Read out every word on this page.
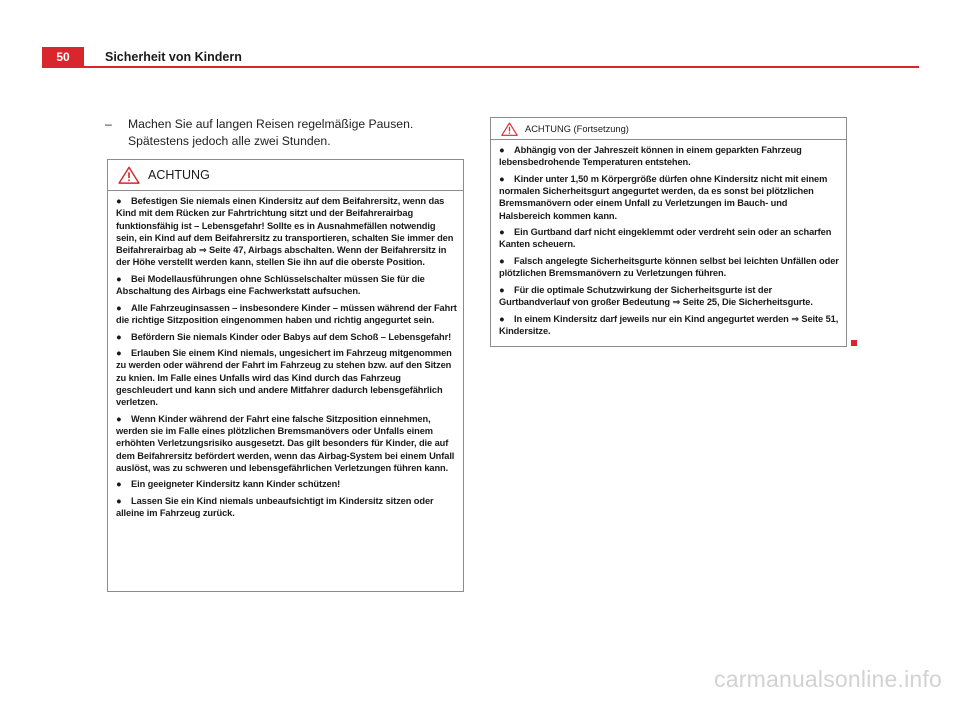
50	Sicherheit von Kindern
–	Machen Sie auf langen Reisen regelmäßige Pausen. Spätestens jedoch alle zwei Stunden.
ACHTUNG

● Befestigen Sie niemals einen Kindersitz auf dem Beifahrersitz, wenn das Kind mit dem Rücken zur Fahrtrichtung sitzt und der Beifahrerairbag funktionsfähig ist – Lebensgefahr! Sollte es in Ausnahmefällen notwendig sein, ein Kind auf dem Beifahrersitz zu transportieren, schalten Sie immer den Beifahrerairbag ab ⇒ Seite 47, Airbags abschalten. Wenn der Beifahrersitz in der Höhe verstellt werden kann, stellen Sie ihn auf die oberste Position.

● Bei Modellausführungen ohne Schlüsselschalter müssen Sie für die Abschaltung des Airbags eine Fachwerkstatt aufsuchen.

● Alle Fahrzeuginsassen – insbesondere Kinder – müssen während der Fahrt die richtige Sitzposition eingenommen haben und richtig angegurtet sein.

● Befördern Sie niemals Kinder oder Babys auf dem Schoß – Lebensgefahr!

● Erlauben Sie einem Kind niemals, ungesichert im Fahrzeug mitgenommen zu werden oder während der Fahrt im Fahrzeug zu stehen bzw. auf den Sitzen zu knien. Im Falle eines Unfalls wird das Kind durch das Fahrzeug geschleudert und kann sich und andere Mitfahrer dadurch lebensgefährlich verletzen.

● Wenn Kinder während der Fahrt eine falsche Sitzposition einnehmen, werden sie im Falle eines plötzlichen Bremsmanövers oder Unfalls einem erhöhten Verletzungsrisiko ausgesetzt. Das gilt besonders für Kinder, die auf dem Beifahrersitz befördert werden, wenn das Airbag-System bei einem Unfall auslöst, was zu schweren und lebensgefährlichen Verletzungen führen kann.

● Ein geeigneter Kindersitz kann Kinder schützen!

● Lassen Sie ein Kind niemals unbeaufsichtigt im Kindersitz sitzen oder alleine im Fahrzeug zurück.

ACHTUNG (Fortsetzung)

● Abhängig von der Jahreszeit können in einem geparkten Fahrzeug lebensbedrohende Temperaturen entstehen.

● Kinder unter 1,50 m Körpergröße dürfen ohne Kindersitz nicht mit einem normalen Sicherheitsgurt angegurtet werden, da es sonst bei plötzlichen Bremsmanövern oder einem Unfall zu Verletzungen im Bauch- und Halsbereich kommen kann.

● Ein Gurtband darf nicht eingeklemmt oder verdreht sein oder an scharfen Kanten scheuern.

● Falsch angelegte Sicherheitsgurte können selbst bei leichten Unfällen oder plötzlichen Bremsmanövern zu Verletzungen führen.

● Für die optimale Schutzwirkung der Sicherheitsgurte ist der Gurtbandverlauf von großer Bedeutung ⇒ Seite 25, Die Sicherheitsgurte.

● In einem Kindersitz darf jeweils nur ein Kind angegurtet werden ⇒ Seite 51, Kindersitze.

carmanualsonline.info
